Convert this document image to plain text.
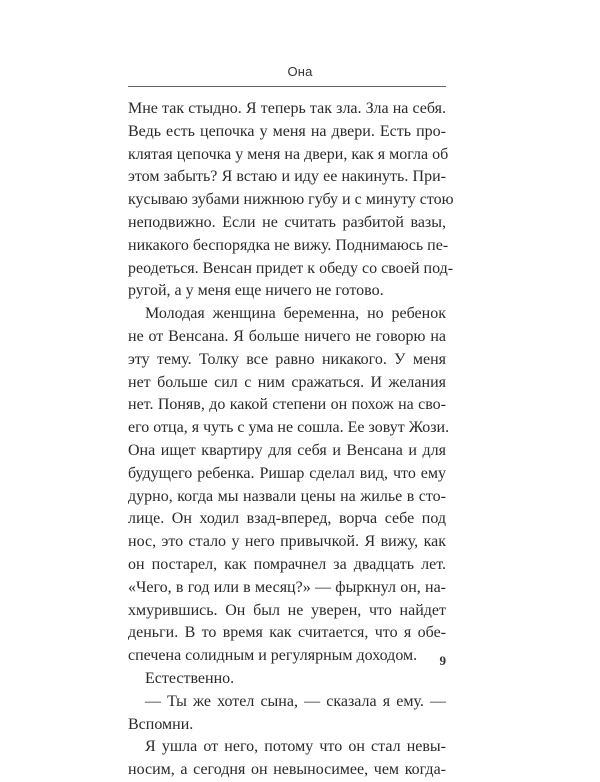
Она
Мне так стыдно. Я теперь так зла. Зла на себя.
Ведь есть цепочка у меня на двери. Есть про-
клятая цепочка у меня на двери, как я могла об
этом забыть? Я встаю и иду ее накинуть. При-
кусываю зубами нижнюю губу и с минуту стою
неподвижно. Если не считать разбитой вазы,
никакого беспорядка не вижу. Поднимаюсь пе-
реодеться. Венсан придет к обеду со своей под-
ругой, а у меня еще ничего не готово.
Молодая женщина беременна, но ребенок
не от Венсана. Я больше ничего не говорю на
эту тему. Толку все равно никакого. У меня
нет больше сил с ним сражаться. И желания
нет. Поняв, до какой степени он похож на сво-
его отца, я чуть с ума не сошла. Ее зовут Жози.
Она ищет квартиру для себя и Венсана и для
будущего ребенка. Ришар сделал вид, что ему
дурно, когда мы назвали цены на жилье в сто-
лице. Он ходил взад-вперед, ворча себе под
нос, это стало у него привычкой. Я вижу, как
он постарел, как помрачнел за двадцать лет.
«Чего, в год или в месяц?» — фыркнул он, на-
хмурившись. Он был не уверен, что найдет
деньги. В то время как считается, что я обе-
спечена солидным и регулярным доходом.
Естественно.
— Ты же хотел сына, — сказала я ему. —
Вспомни.
Я ушла от него, потому что он стал невы-
носим, а сегодня он невыносимее, чем когда-
9
